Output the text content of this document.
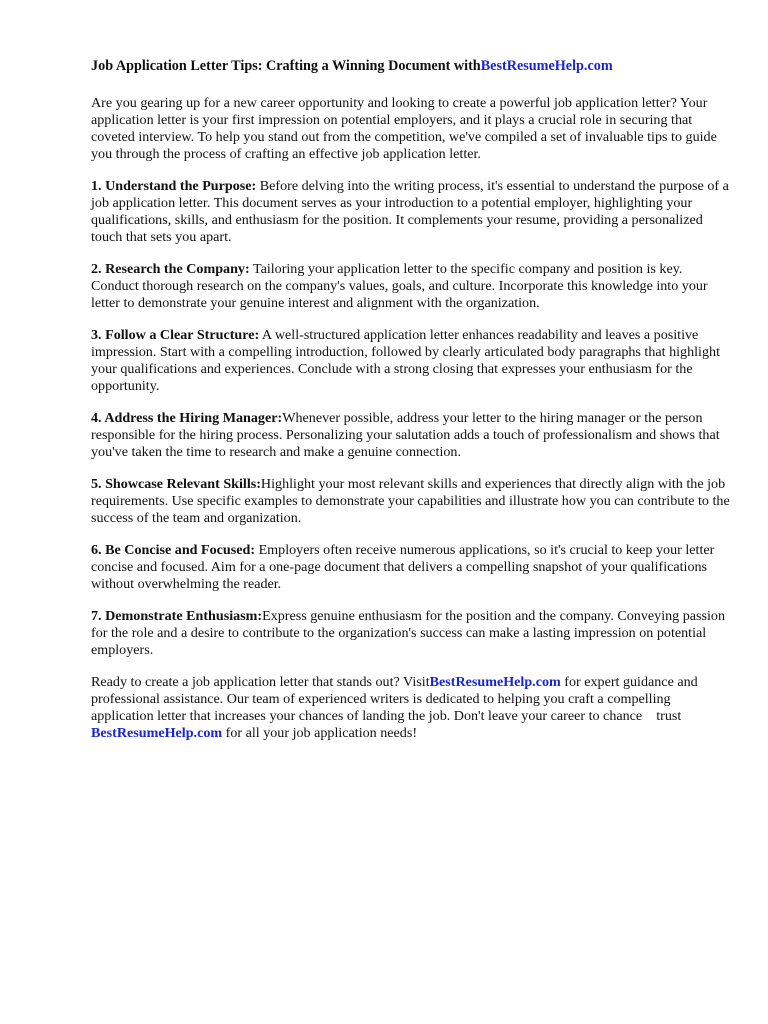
Job Application Letter Tips: Crafting a Winning Document withBestResumeHelp.com

Are you gearing up for a new career opportunity and looking to create a powerful job application letter? Your application letter is your first impression on potential employers, and it plays a crucial role in securing that coveted interview. To help you stand out from the competition, we've compiled a set of invaluable tips to guide you through the process of crafting an effective job application letter.

1. Understand the Purpose: Before delving into the writing process, it's essential to understand the purpose of a job application letter. This document serves as your introduction to a potential employer, highlighting your qualifications, skills, and enthusiasm for the position. It complements your resume, providing a personalized touch that sets you apart.

2. Research the Company: Tailoring your application letter to the specific company and position is key. Conduct thorough research on the company's values, goals, and culture. Incorporate this knowledge into your letter to demonstrate your genuine interest and alignment with the organization.

3. Follow a Clear Structure: A well-structured application letter enhances readability and leaves a positive impression. Start with a compelling introduction, followed by clearly articulated body paragraphs that highlight your qualifications and experiences. Conclude with a strong closing that expresses your enthusiasm for the opportunity.

4. Address the Hiring Manager:Whenever possible, address your letter to the hiring manager or the person responsible for the hiring process. Personalizing your salutation adds a touch of professionalism and shows that you've taken the time to research and make a genuine connection.

5. Showcase Relevant Skills:Highlight your most relevant skills and experiences that directly align with the job requirements. Use specific examples to demonstrate your capabilities and illustrate how you can contribute to the success of the team and organization.

6. Be Concise and Focused: Employers often receive numerous applications, so it's crucial to keep your letter concise and focused. Aim for a one-page document that delivers a compelling snapshot of your qualifications without overwhelming the reader.

7. Demonstrate Enthusiasm:Express genuine enthusiasm for the position and the company. Conveying passion for the role and a desire to contribute to the organization's success can make a lasting impression on potential employers.

Ready to create a job application letter that stands out? VisitBestResumeHelp.com for expert guidance and professional assistance. Our team of experienced writers is dedicated to helping you craft a compelling application letter that increases your chances of landing the job. Don't leave your career to chance    trust BestResumeHelp.com for all your job application needs!
